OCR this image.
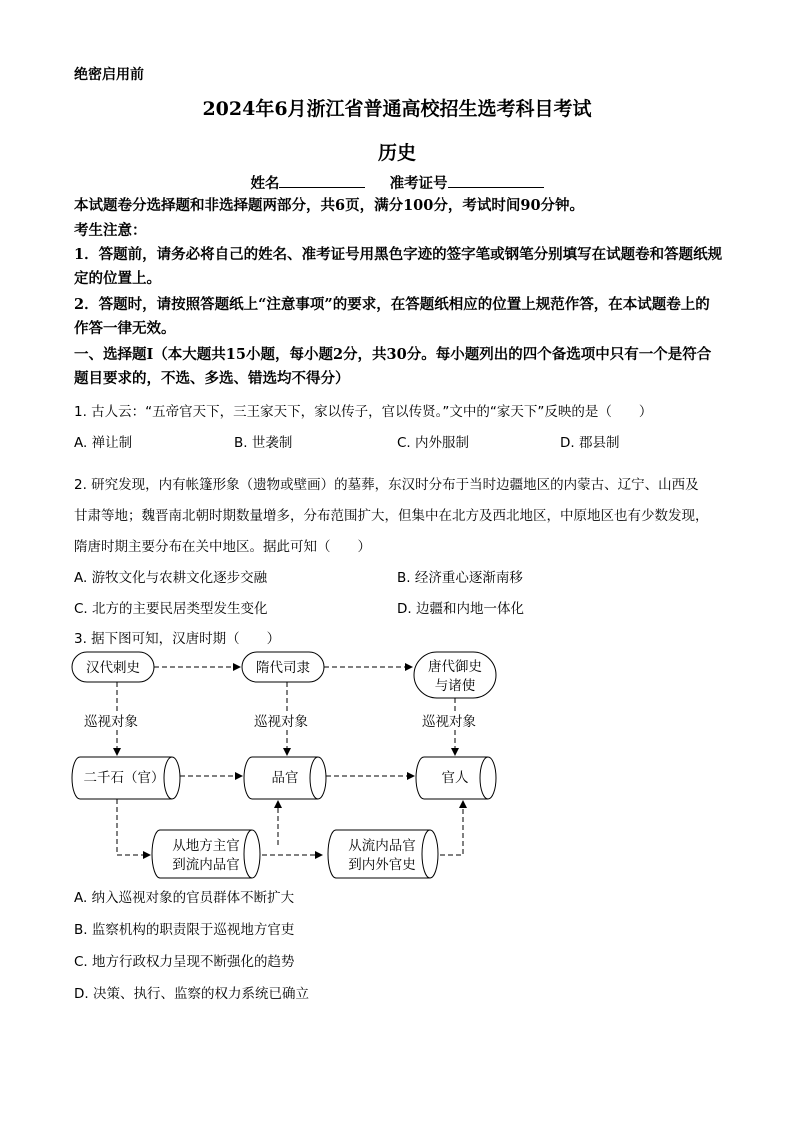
绝密启用前
2024年6月浙江省普通高校招生选考科目考试
历史
姓名	准考证号
本试题卷分选择题和非选择题两部分，共6页，满分100分，考试时间90分钟。
考生注意：
1．答题前，请务必将自己的姓名、准考证号用黑色字迹的签字笔或钢笔分别填写在试题卷和答题纸规定的位置上。
2．答题时，请按照答题纸上“注意事项”的要求，在答题纸相应的位置上规范作答，在本试题卷上的作答一律无效。
一、选择题Ⅰ（本大题共15小题，每小题2分，共30分。每小题列出的四个备选项中只有一个是符合题目要求的，不选、多选、错选均不得分）
1. 古人云：“五帝官天下，三王家天下，家以传子，官以传贤。”文中的“家天下”反映的是（　　）
A. 禅让制	B. 世袭制	C. 内外服制	D. 郡县制
2. 研究发现，内有帐篷形象（遗物或壁画）的墓葬，东汉时分布于当时边疆地区的内蒙古、辽宁、山西及
甘肃等地；魏晋南北朝时期数量增多，分布范围扩大，但集中在北方及西北地区，中原地区也有少数发现，
隋唐时期主要分布在关中地区。据此可知（　　）
A. 游牧文化与农耕文化逐步交融	B. 经济重心逐渐南移
C. 北方的主要民居类型发生变化	D. 边疆和内地一体化
3. 据下图可知，汉唐时期（　　）
汉代刺史	隋代司隶	唐代御史
与诸使
巡视对象	巡视对象	巡视对象
二千石（官）	品官	官人
从地方主官
到流内品官
从流内品官
到内外官史
A. 纳入巡视对象的官员群体不断扩大
B. 监察机构的职责限于巡视地方官吏
C. 地方行政权力呈现不断强化的趋势
D. 决策、执行、监察的权力系统已确立
